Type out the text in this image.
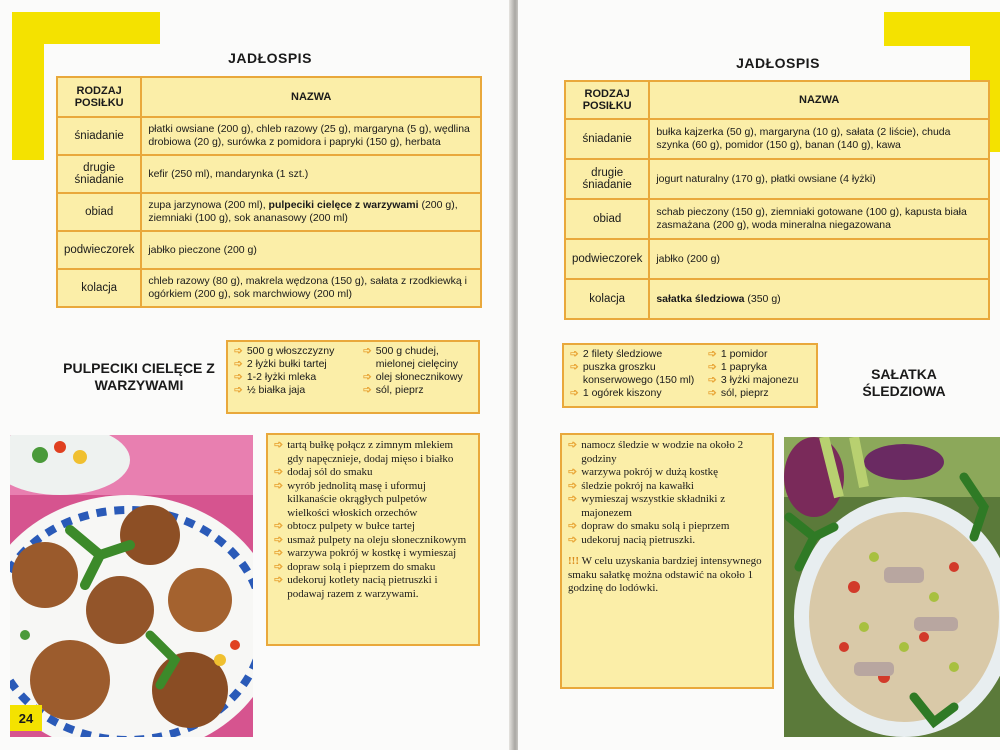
JADŁOSPIS
RODZAJ POSIŁKU	NAZWA
śniadanie	płatki owsiane (200 g), chleb razowy (25 g), margaryna (5 g), wędlina drobiowa (20 g), surówka z pomidora i papryki (150 g), herbata
drugie śniadanie	kefir (250 ml), mandarynka (1 szt.)
obiad	zupa jarzynowa (200 ml), pulpeciki cielęce z warzywami (200 g), ziemniaki (100 g), sok ananasowy (200 ml)
podwieczorek	jabłko pieczone (200 g)
kolacja	chleb razowy (80 g), makrela wędzona (150 g), sałata z rzodkiewką i ogórkiem (200 g), sok marchwiowy (200 ml)
PULPECIKI CIELĘCE Z WARZYWAMI
➩ 500 g włoszczyzny
➩ 2 łyżki bułki tartej
➩ 1-2 łyżki mleka
➩ ½ białka jaja
➩ 500 g chudej, mielonej cielęciny
➩ olej słonecznikowy
➩ sól, pieprz
➩ tartą bułkę połącz z zimnym mlekiem gdy napęcznieje, dodaj mięso i białko
➩ dodaj sól do smaku
➩ wyrób jednolitą masę i uformuj kilkanaście okrągłych pulpetów wielkości włoskich orzechów
➩ obtocz pulpety w bułce tartej
➩ usmaż pulpety na oleju słonecznikowym
➩ warzywa pokrój w kostkę i wymieszaj
➩ dopraw solą i pieprzem do smaku
➩ udekoruj kotlety nacią pietruszki i podawaj razem z warzywami.
24
JADŁOSPIS
RODZAJ POSIŁKU	NAZWA
śniadanie	bułka kajzerka (50 g), margaryna (10 g), sałata (2 liście), chuda szynka (60 g), pomidor (150 g), banan (140 g), kawa
drugie śniadanie	jogurt naturalny (170 g), płatki owsiane (4 łyżki)
obiad	schab pieczony (150 g), ziemniaki gotowane (100 g), kapusta biała zasmażana (200 g), woda mineralna niegazowana
podwieczorek	jabłko (200 g)
kolacja	sałatka śledziowa (350 g)
➩ 2 filety śledziowe
➩ puszka groszku konserwowego (150 ml)
➩ 1 ogórek kiszony
➩ 1 pomidor
➩ 1 papryka
➩ 3 łyżki majonezu
➩ sól, pieprz
SAŁATKA ŚLEDZIOWA
➩ namocz śledzie w wodzie na około 2 godziny
➩ warzywa pokrój w dużą kostkę
➩ śledzie pokrój na kawałki
➩ wymieszaj wszystkie składniki z majonezem
➩ dopraw do smaku solą i pieprzem
➩ udekoruj nacią pietruszki.
!!! W celu uzyskania bardziej intensywnego smaku sałatkę można odstawić na około 1 godzinę do lodówki.
